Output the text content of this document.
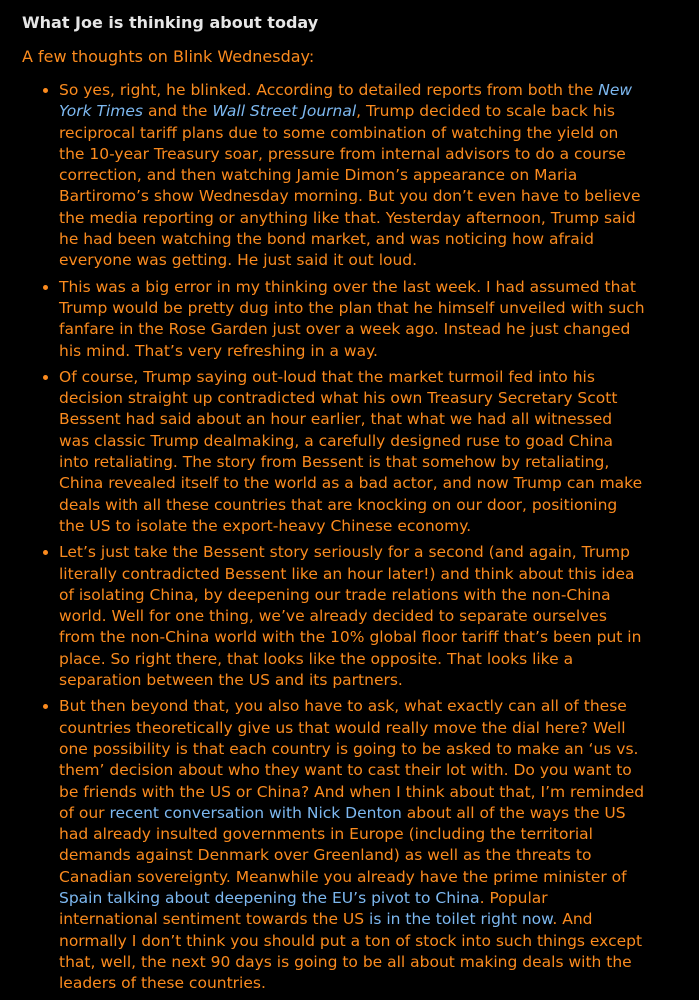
What Joe is thinking about today

A few thoughts on Blink Wednesday:

So yes, right, he blinked. According to detailed reports from both the New York Times and the Wall Street Journal, Trump decided to scale back his reciprocal tariff plans due to some combination of watching the yield on the 10-year Treasury soar, pressure from internal advisors to do a course correction, and then watching Jamie Dimon’s appearance on Maria Bartiromo’s show Wednesday morning. But you don’t even have to believe the media reporting or anything like that. Yesterday afternoon, Trump said he had been watching the bond market, and was noticing how afraid everyone was getting. He just said it out loud.
This was a big error in my thinking over the last week. I had assumed that Trump would be pretty dug into the plan that he himself unveiled with such fanfare in the Rose Garden just over a week ago. Instead he just changed his mind. That’s very refreshing in a way.
Of course, Trump saying out-loud that the market turmoil fed into his decision straight up contradicted what his own Treasury Secretary Scott Bessent had said about an hour earlier, that what we had all witnessed was classic Trump dealmaking, a carefully designed ruse to goad China into retaliating. The story from Bessent is that somehow by retaliating, China revealed itself to the world as a bad actor, and now Trump can make deals with all these countries that are knocking on our door, positioning the US to isolate the export-heavy Chinese economy.
Let’s just take the Bessent story seriously for a second (and again, Trump literally contradicted Bessent like an hour later!) and think about this idea of isolating China, by deepening our trade relations with the non-China world. Well for one thing, we’ve already decided to separate ourselves from the non-China world with the 10% global floor tariff that’s been put in place. So right there, that looks like the opposite. That looks like a separation between the US and its partners.
But then beyond that, you also have to ask, what exactly can all of these countries theoretically give us that would really move the dial here? Well one possibility is that each country is going to be asked to make an ‘us vs. them’ decision about who they want to cast their lot with. Do you want to be friends with the US or China? And when I think about that, I’m reminded of our recent conversation with Nick Denton about all of the ways the US had already insulted governments in Europe (including the territorial demands against Denmark over Greenland) as well as the threats to Canadian sovereignty. Meanwhile you already have the prime minister of Spain talking about deepening the EU’s pivot to China. Popular international sentiment towards the US is in the toilet right now. And normally I don’t think you should put a ton of stock into such things except that, well, the next 90 days is going to be all about making deals with the leaders of these countries.
